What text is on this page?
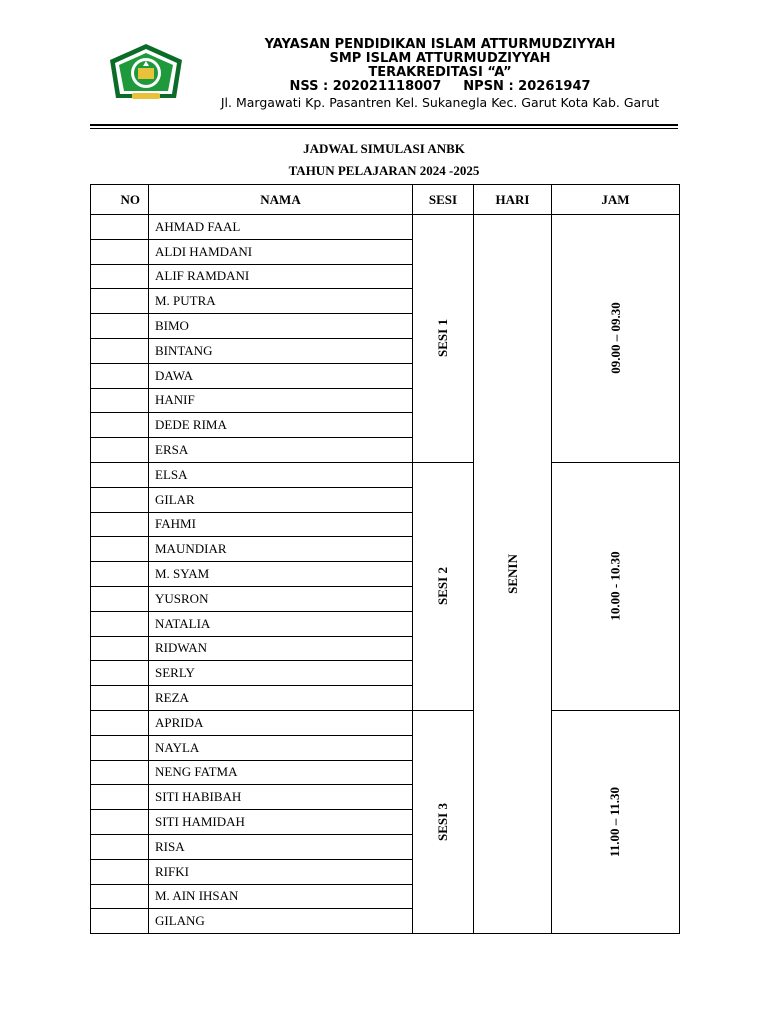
YAYASAN PENDIDIKAN ISLAM ATTURMUDZIYYAH
SMP ISLAM ATTURMUDZIYYAH
TERAKREDITASI “A”
NSS : 202021118007 NPSN : 20261947
Jl. Margawati Kp. Pasantren Kel. Sukanegla Kec. Garut Kota Kab. Garut
JADWAL SIMULASI ANBK
TAHUN PELAJARAN 2024 -2025
NO	NAMA	SESI	HARI	JAM
	AHMAD FAAL	SESI 1	SENIN	09.00 – 09.30
	ALDI HAMDANI			
	ALIF RAMDANI			
	M. PUTRA			
	BIMO			
	BINTANG			
	DAWA			
	HANIF			
	DEDE RIMA			
	ERSA			
	ELSA	SESI 2		10.00 - 10.30
	GILAR			
	FAHMI			
	MAUNDIAR			
	M. SYAM			
	YUSRON			
	NATALIA			
	RIDWAN			
	SERLY			
	REZA			
	APRIDA	SESI 3		11.00 – 11.30
	NAYLA			
	NENG FATMA			
	SITI HABIBAH			
	SITI HAMIDAH			
	RISA			
	RIFKI			
	M. AIN IHSAN			
	GILANG			
